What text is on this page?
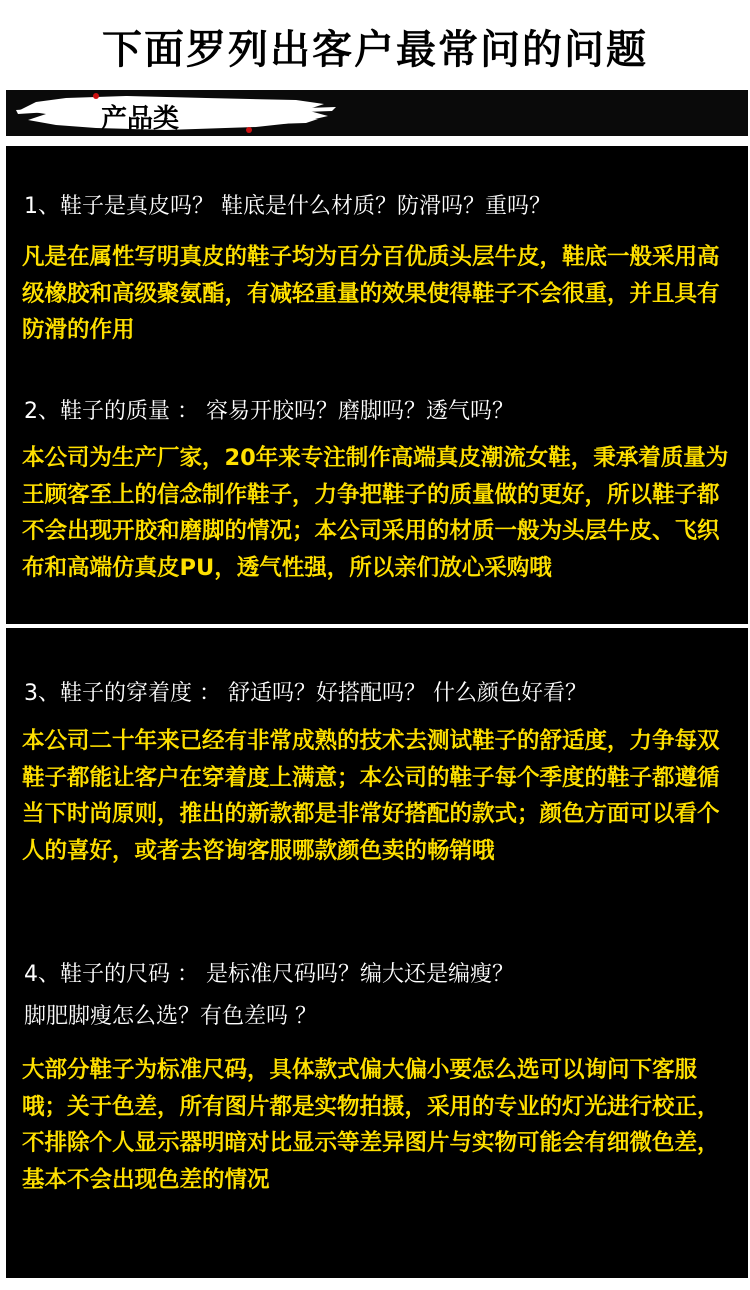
下面罗列出客户最常问的问题
产品类
1、鞋子是真皮吗？ 鞋底是什么材质？防滑吗？重吗？
凡是在属性写明真皮的鞋子均为百分百优质头层牛皮，鞋底一般采用高级橡胶和高级聚氨酯，有减轻重量的效果使得鞋子不会很重，并且具有防滑的作用
2、鞋子的质量 ： 容易开胶吗？磨脚吗？透气吗？
本公司为生产厂家，20年来专注制作高端真皮潮流女鞋，秉承着质量为王顾客至上的信念制作鞋子，力争把鞋子的质量做的更好，所以鞋子都不会出现开胶和磨脚的情况；本公司采用的材质一般为头层牛皮、飞织布和高端仿真皮PU，透气性强，所以亲们放心采购哦
3、鞋子的穿着度 ： 舒适吗？好搭配吗？ 什么颜色好看？
本公司二十年来已经有非常成熟的技术去测试鞋子的舒适度，力争每双鞋子都能让客户在穿着度上满意；本公司的鞋子每个季度的鞋子都遵循当下时尚原则，推出的新款都是非常好搭配的款式；颜色方面可以看个人的喜好，或者去咨询客服哪款颜色卖的畅销哦
4、鞋子的尺码 ： 是标准尺码吗？编大还是编瘦？
脚肥脚瘦怎么选？有色差吗 ？
大部分鞋子为标准尺码，具体款式偏大偏小要怎么选可以询问下客服哦；关于色差，所有图片都是实物拍摄，采用的专业的灯光进行校正，不排除个人显示器明暗对比显示等差异图片与实物可能会有细微色差，基本不会出现色差的情况
